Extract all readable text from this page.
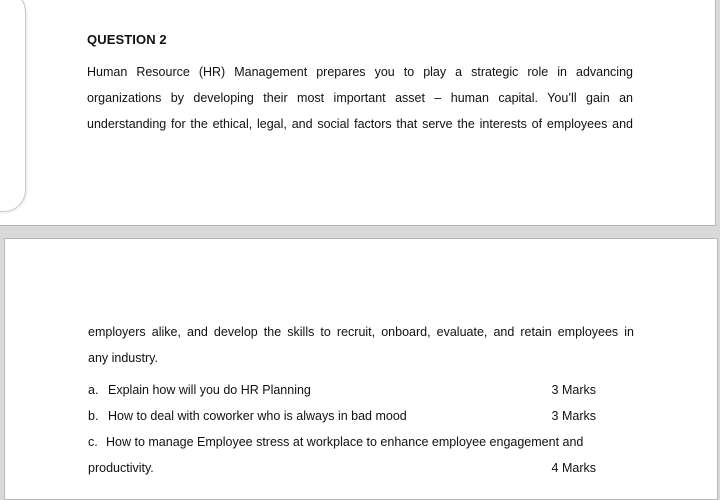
QUESTION 2
Human Resource (HR) Management prepares you to play a strategic role in advancing
organizations by developing their most important asset – human capital. You’ll gain an
understanding for the ethical, legal, and social factors that serve the interests of employees and
employers alike, and develop the skills to recruit, onboard, evaluate, and retain employees in
any industry.
a. Explain how will you do HR Planning	3 Marks
b. How to deal with coworker who is always in bad mood	3 Marks
c. How to manage Employee stress at workplace to enhance employee engagement and
productivity.	4 Marks
